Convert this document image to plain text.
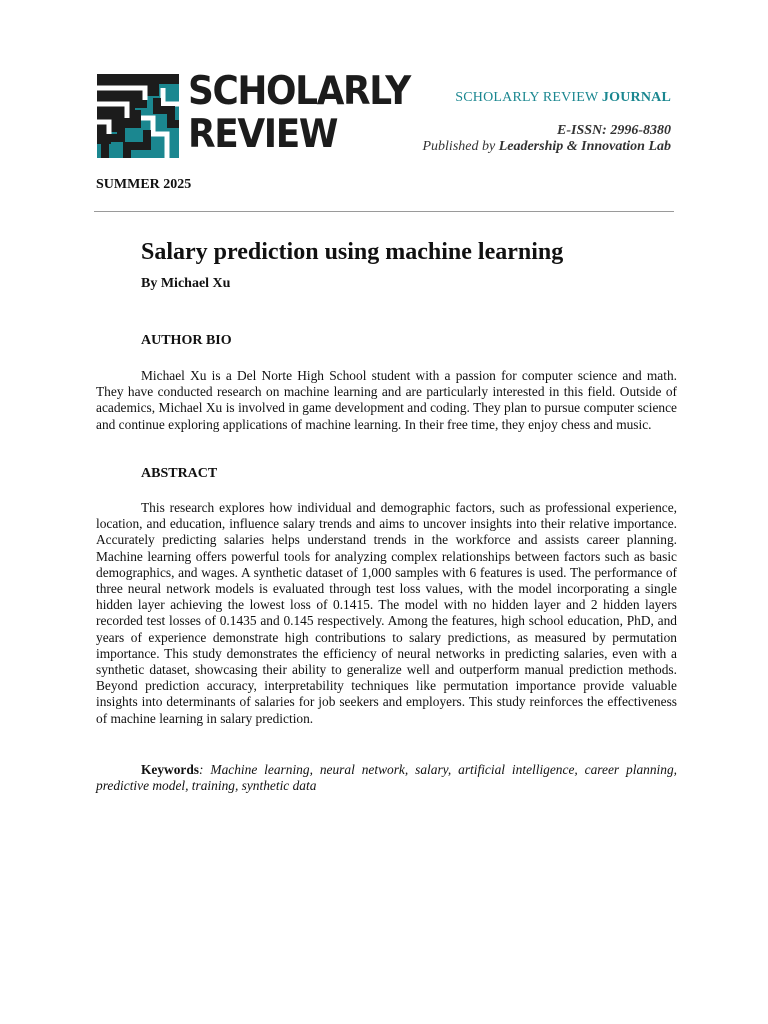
SCHOLARLY
REVIEW
SCHOLARLY REVIEW JOURNAL
E-ISSN: 2996-8380
Published by Leadership & Innovation Lab
SUMMER 2025
Salary prediction using machine learning
By Michael Xu
AUTHOR BIO
Michael Xu is a Del Norte High School student with a passion for computer science and math. They have conducted research on machine learning and are particularly interested in this field. Outside of academics, Michael Xu is involved in game development and coding. They plan to pursue computer science and continue exploring applications of machine learning. In their free time, they enjoy chess and music.
ABSTRACT
This research explores how individual and demographic factors, such as professional experience, location, and education, influence salary trends and aims to uncover insights into their relative importance. Accurately predicting salaries helps understand trends in the workforce and assists career planning. Machine learning offers powerful tools for analyzing complex relationships between factors such as basic demographics, and wages. A synthetic dataset of 1,000 samples with 6 features is used. The performance of three neural network models is evaluated through test loss values, with the model incorporating a single hidden layer achieving the lowest loss of 0.1415. The model with no hidden layer and 2 hidden layers recorded test losses of 0.1435 and 0.145 respectively. Among the features, high school education, PhD, and years of experience demonstrate high contributions to salary predictions, as measured by permutation importance. This study demonstrates the efficiency of neural networks in predicting salaries, even with a synthetic dataset, showcasing their ability to generalize well and outperform manual prediction methods. Beyond prediction accuracy, interpretability techniques like permutation importance provide valuable insights into determinants of salaries for job seekers and employers. This study reinforces the effectiveness of machine learning in salary prediction.
Keywords: Machine learning, neural network, salary, artificial intelligence, career planning, predictive model, training, synthetic data
